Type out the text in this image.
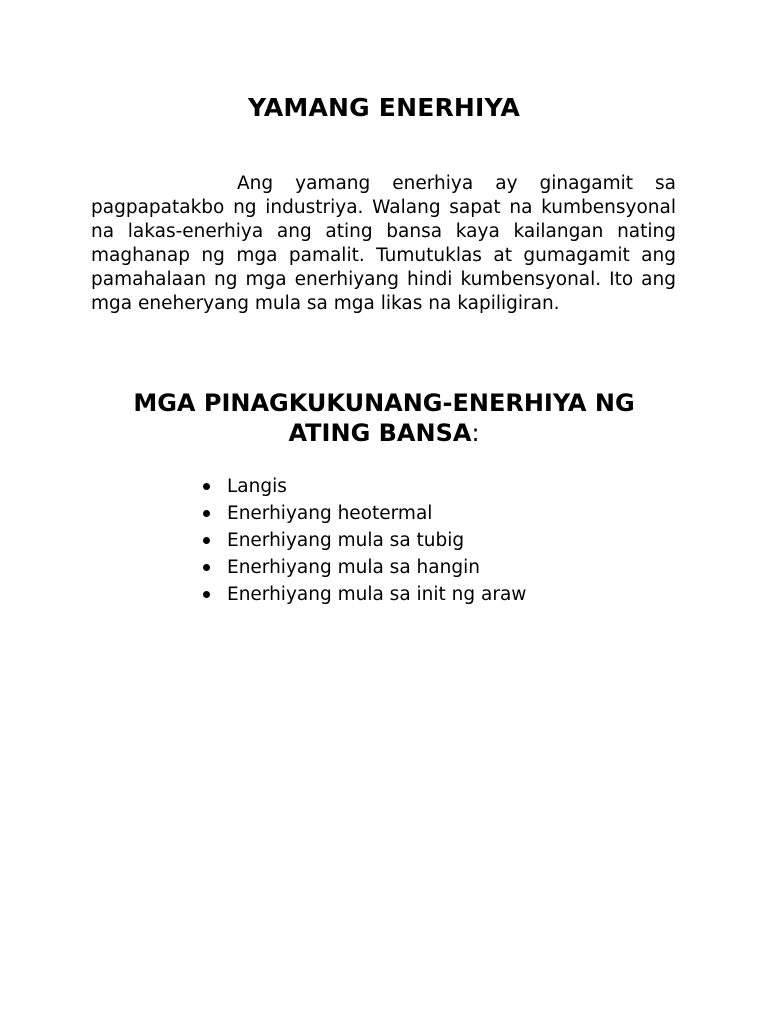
YAMANG ENERHIYA

Ang yamang enerhiya ay ginagamit sa pagpapatakbo ng industriya. Walang sapat na kumbensyonal na lakas-enerhiya ang ating bansa kaya kailangan nating maghanap ng mga pamalit. Tumutuklas at gumagamit ang pamahalaan ng mga enerhiyang hindi kumbensyonal. Ito ang mga eneheryang mula sa mga likas na kapiligiran.

MGA PINAGKUKUNANG-ENERHIYA NG ATING BANSA:
Langis
Enerhiyang heotermal
Enerhiyang mula sa tubig
Enerhiyang mula sa hangin
Enerhiyang mula sa init ng araw
